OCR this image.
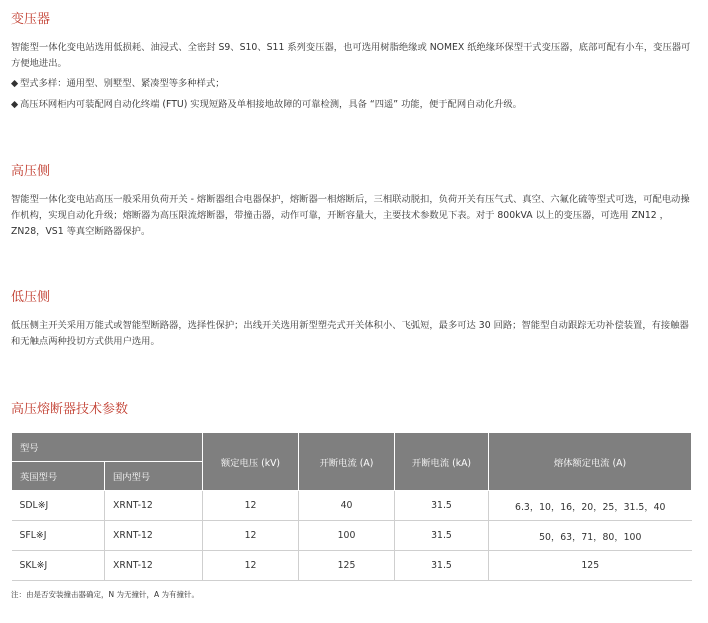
变压器

智能型一体化变电站选用低损耗、油浸式、全密封 S9、S10、S11 系列变压器，也可选用树脂绝缘或 NOMEX 纸绝缘环保型干式变压器，底部可配有小车，变压器可方便地进出。

◆ 型式多样：通用型、别墅型、紧凑型等多种样式；

◆ 高压环网柜内可装配网自动化终端 (FTU) 实现短路及单相接地故障的可靠检测，具备 “四遥” 功能，便于配网自动化升级。

高压侧

智能型一体化变电站高压一般采用负荷开关 - 熔断器组合电器保护，熔断器一相熔断后，三相联动脱扣，负荷开关有压气式、真空、六氟化硫等型式可选，可配电动操作机构，实现自动化升级；熔断器为高压限流熔断器，带撞击器，动作可靠，开断容量大，主要技术参数见下表。对于 800kVA 以上的变压器，可选用 ZN12 ， ZN28，VS1 等真空断路器保护。

低压侧

低压侧主开关采用万能式或智能型断路器，选择性保护；出线开关选用新型塑壳式开关体积小、飞弧短，最多可达 30 回路；智能型自动跟踪无功补偿装置，有接触器和无触点两种投切方式供用户选用。

高压熔断器技术参数
型号		额定电压 (kV)	开断电流 (A)	开断电流 (kA)	熔体额定电流 (A)
英国型号	国内型号				
SDL※J	XRNT-12	12	40	31.5	6.3，10，16，20，25，31.5，40
SFL※J	XRNT-12	12	100	31.5	50，63，71，80，100
SKL※J	XRNT-12	12	125	31.5	125
注：由是否安装撞击器确定，N 为无撞针，A 为有撞针。
